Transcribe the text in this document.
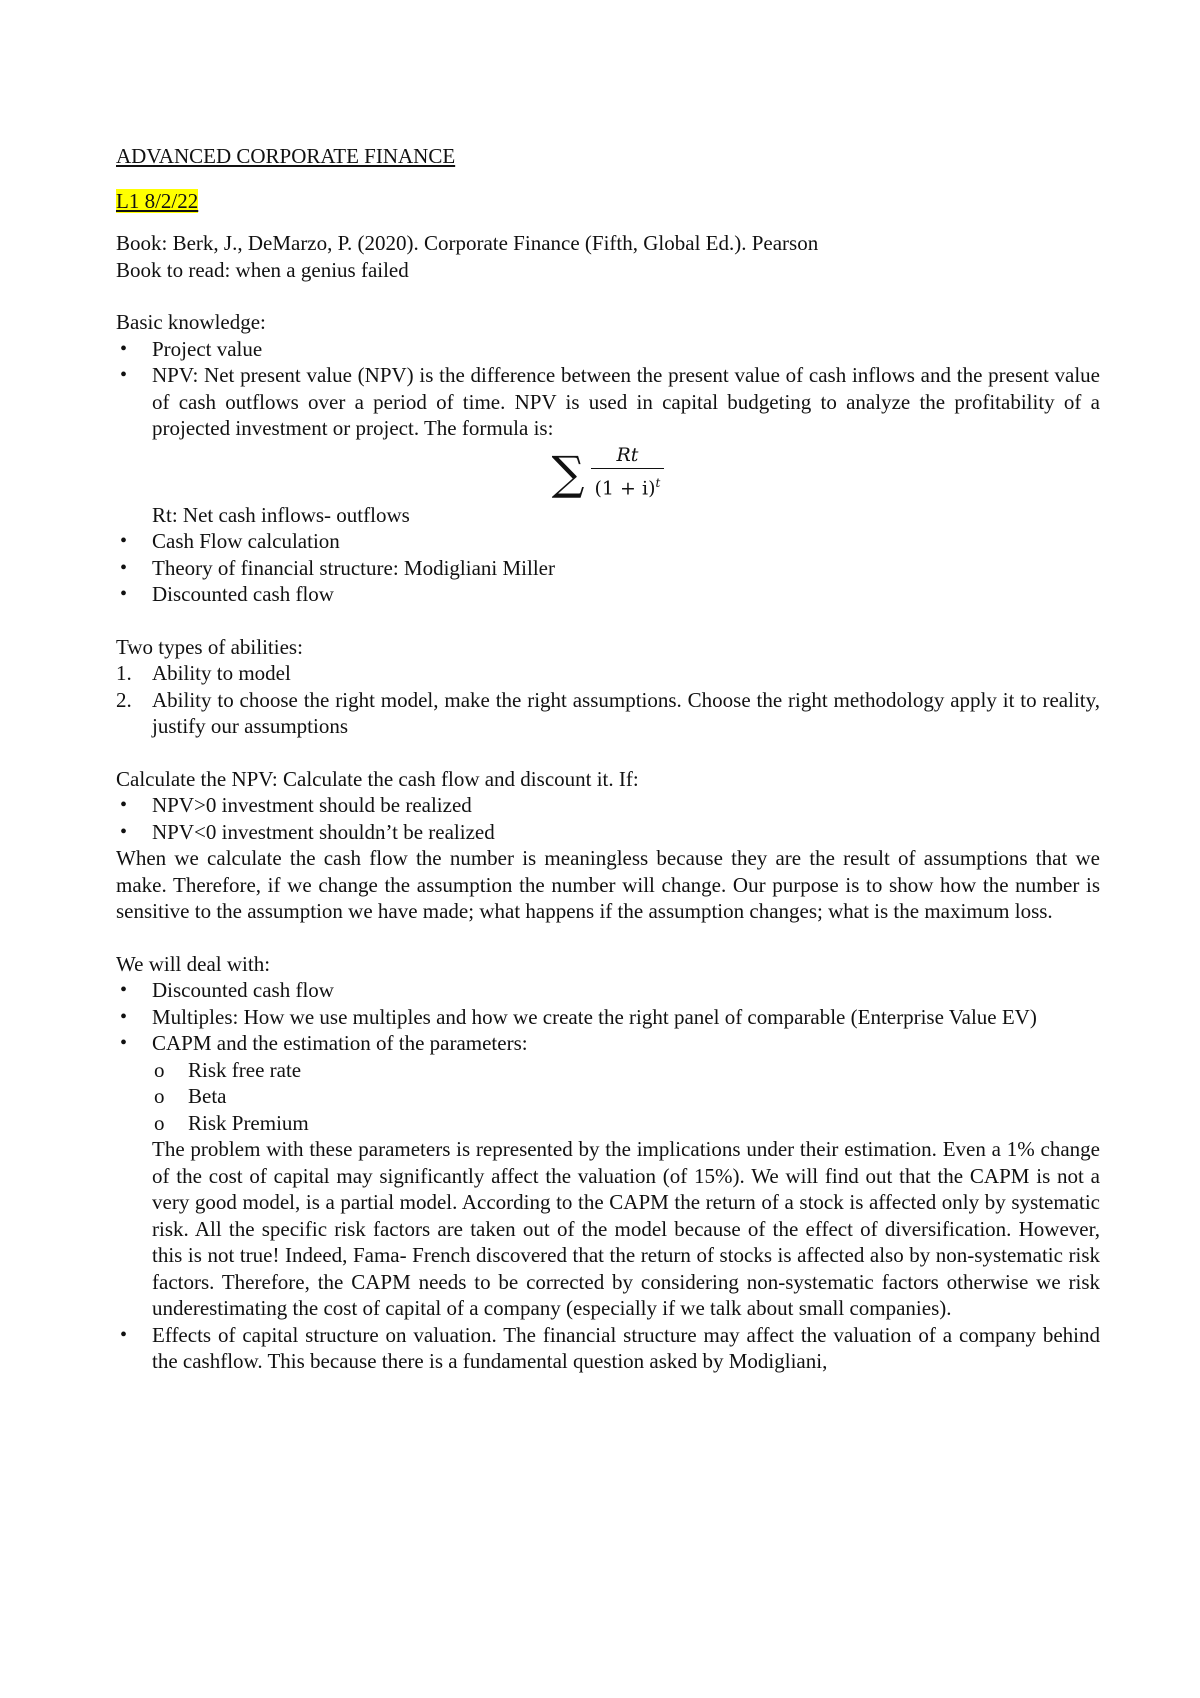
ADVANCED CORPORATE FINANCE

L1 8/2/22

Book: Berk, J., DeMarzo, P. (2020). Corporate Finance (Fifth, Global Ed.). Pearson

Book to read: when a genius failed

Basic knowledge:

• Project value
• NPV: Net present value (NPV) is the difference between the present value of cash inflows and the present value of cash outflows over a period of time. NPV is used in capital budgeting to analyze the profitability of a projected investment or project. The formula is:
∑ $\frac{Rt}{(1 + i)^t}$

Rt: Net cash inflows- outflows

• Cash Flow calculation
• Theory of financial structure: Modigliani Miller
• Discounted cash flow

Two types of abilities:

1. Ability to model
2. Ability to choose the right model, make the right assumptions. Choose the right methodology apply it to reality, justify our assumptions

Calculate the NPV: Calculate the cash flow and discount it. If:

• NPV>0 investment should be realized
• NPV<0 investment shouldn’t be realized

When we calculate the cash flow the number is meaningless because they are the result of assumptions that we make. Therefore, if we change the assumption the number will change. Our purpose is to show how the number is sensitive to the assumption we have made; what happens if the assumption changes; what is the maximum loss.

We will deal with:

• Discounted cash flow
• Multiples: How we use multiples and how we create the right panel of comparable (Enterprise Value EV)
• CAPM and the estimation of the parameters:
o Risk free rate
o Beta
o Risk Premium

The problem with these parameters is represented by the implications under their estimation. Even a 1% change of the cost of capital may significantly affect the valuation (of 15%). We will find out that the CAPM is not a very good model, is a partial model. According to the CAPM the return of a stock is affected only by systematic risk. All the specific risk factors are taken out of the model because of the effect of diversification. However, this is not true! Indeed, Fama- French discovered that the return of stocks is affected also by non-systematic risk factors. Therefore, the CAPM needs to be corrected by considering non-systematic factors otherwise we risk underestimating the cost of capital of a company (especially if we talk about small companies).

• Effects of capital structure on valuation. The financial structure may affect the valuation of a company behind the cashflow. This because there is a fundamental question asked by Modigliani,
